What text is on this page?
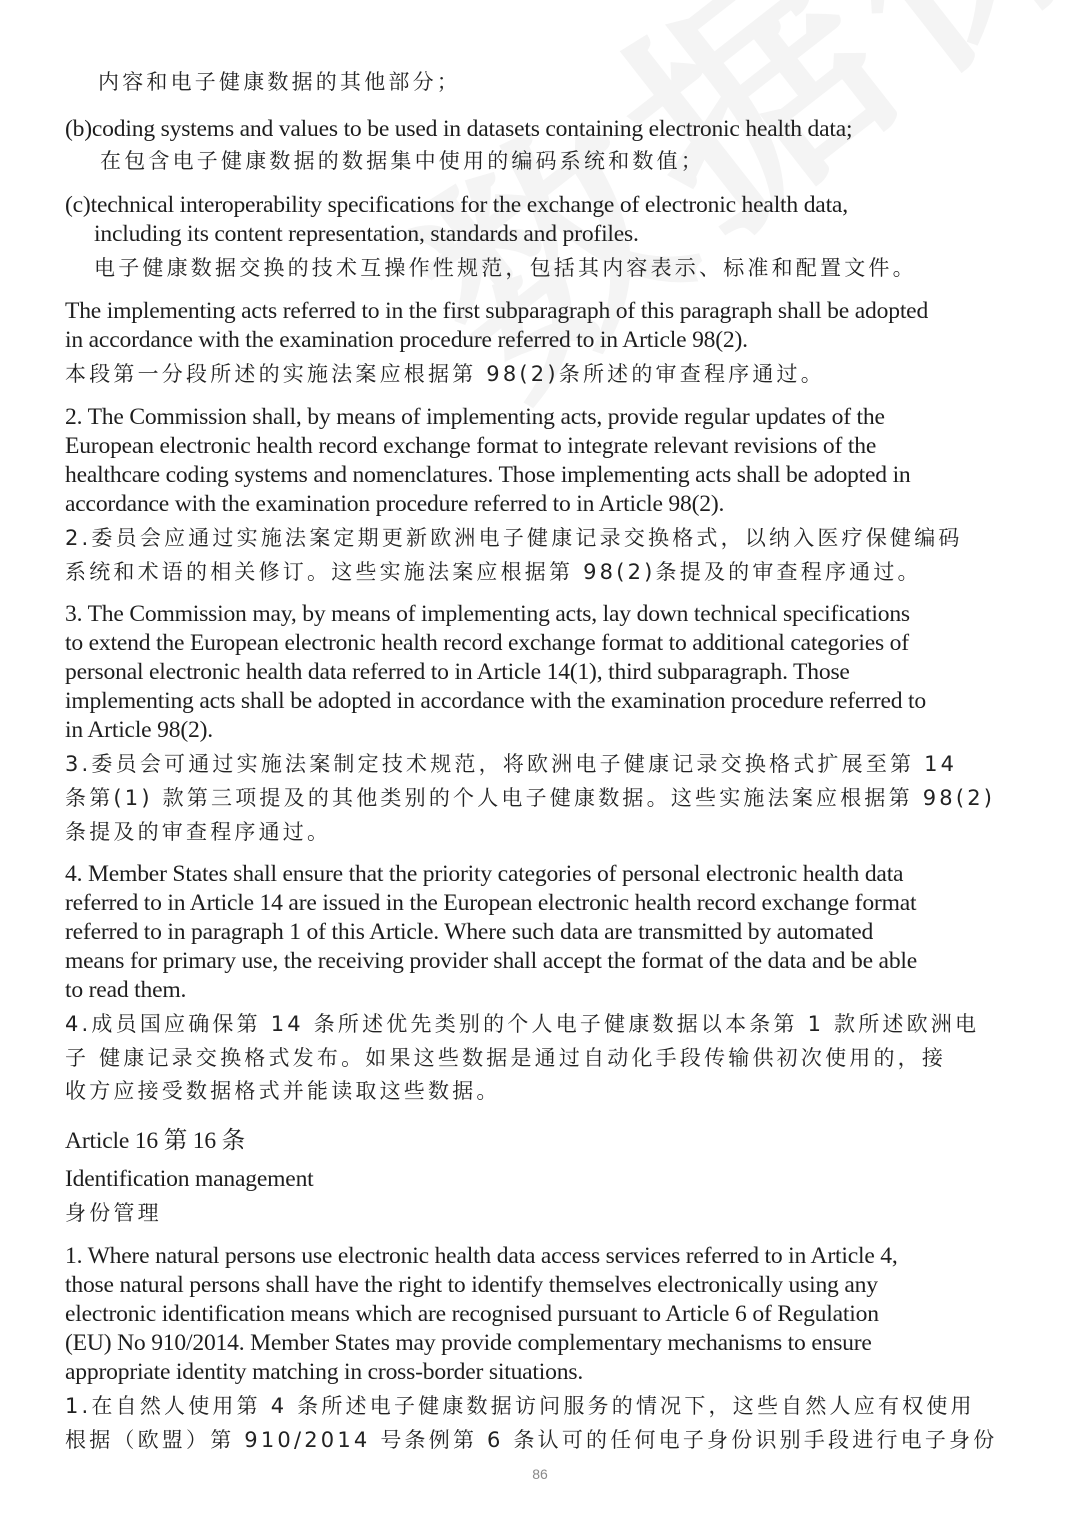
内容和电子健康数据的其他部分；
(b)coding systems and values to be used in datasets containing electronic health data;
在包含电子健康数据的数据集中使用的编码系统和数值；
(c)technical interoperability specifications for the exchange of electronic health data,
including its content representation, standards and profiles.
电子健康数据交换的技术互操作性规范，包括其内容表示、标准和配置文件。
The implementing acts referred to in the first subparagraph of this paragraph shall be adopted
in accordance with the examination procedure referred to in Article 98(2).
本段第一分段所述的实施法案应根据第 98(2)条所述的审查程序通过。
2. The Commission shall, by means of implementing acts, provide regular updates of the
European electronic health record exchange format to integrate relevant revisions of the
healthcare coding systems and nomenclatures. Those implementing acts shall be adopted in
accordance with the examination procedure referred to in Article 98(2).
2.委员会应通过实施法案定期更新欧洲电子健康记录交换格式，以纳入医疗保健编码
系统和术语的相关修订。这些实施法案应根据第 98(2)条提及的审查程序通过。
3. The Commission may, by means of implementing acts, lay down technical specifications
to extend the European electronic health record exchange format to additional categories of
personal electronic health data referred to in Article 14(1), third subparagraph. Those
implementing acts shall be adopted in accordance with the examination procedure referred to
in Article 98(2).
3.委员会可通过实施法案制定技术规范，将欧洲电子健康记录交换格式扩展至第 14
条第(1) 款第三项提及的其他类别的个人电子健康数据。这些实施法案应根据第 98(2)
条提及的审查程序通过。
4. Member States shall ensure that the priority categories of personal electronic health data
referred to in Article 14 are issued in the European electronic health record exchange format
referred to in paragraph 1 of this Article. Where such data are transmitted by automated
means for primary use, the receiving provider shall accept the format of the data and be able
to read them.
4.成员国应确保第 14 条所述优先类别的个人电子健康数据以本条第 1 款所述欧洲电
子 健康记录交换格式发布。如果这些数据是通过自动化手段传输供初次使用的，接
收方应接受数据格式并能读取这些数据。
Article 16 第 16 条
Identification management
身份管理
1. Where natural persons use electronic health data access services referred to in Article 4,
those natural persons shall have the right to identify themselves electronically using any
electronic identification means which are recognised pursuant to Article 6 of Regulation
(EU) No 910/2014. Member States may provide complementary mechanisms to ensure
appropriate identity matching in cross-border situations.
1.在自然人使用第 4 条所述电子健康数据访问服务的情况下，这些自然人应有权使用
根据（欧盟）第 910/2014 号条例第 6 条认可的任何电子身份识别手段进行电子身份
86
